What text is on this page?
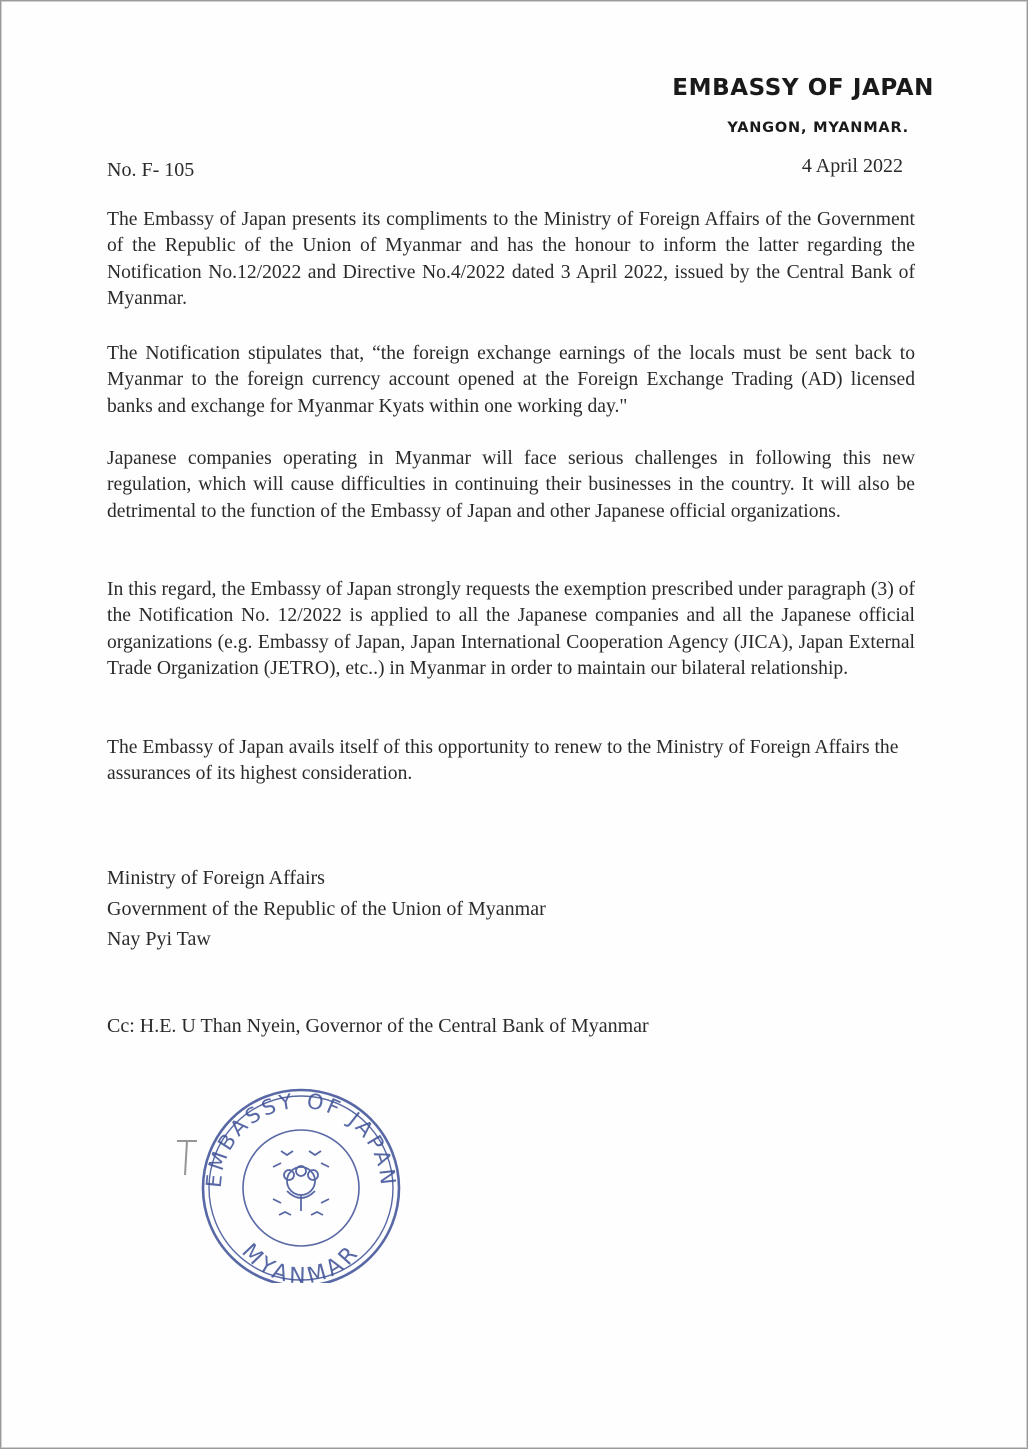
EMBASSY OF JAPAN
YANGON, MYANMAR.
No. F- 105	4 April 2022

The Embassy of Japan presents its compliments to the Ministry of Foreign Affairs of the Government of the Republic of the Union of Myanmar and has the honour to inform the latter regarding the Notification No.12/2022 and Directive No.4/2022 dated 3 April 2022, issued by the Central Bank of Myanmar.

The Notification stipulates that, “the foreign exchange earnings of the locals must be sent back to Myanmar to the foreign currency account opened at the Foreign Exchange Trading (AD) licensed banks and exchange for Myanmar Kyats within one working day."

Japanese companies operating in Myanmar will face serious challenges in following this new regulation, which will cause difficulties in continuing their businesses in the country. It will also be detrimental to the function of the Embassy of Japan and other Japanese official organizations.

In this regard, the Embassy of Japan strongly requests the exemption prescribed under paragraph (3) of the Notification No. 12/2022 is applied to all the Japanese companies and all the Japanese official organizations (e.g. Embassy of Japan, Japan International Cooperation Agency (JICA), Japan External Trade Organization (JETRO), etc..) in Myanmar in order to maintain our bilateral relationship.

The Embassy of Japan avails itself of this opportunity to renew to the Ministry of Foreign Affairs the assurances of its highest consideration.

Ministry of Foreign Affairs
Government of the Republic of the Union of Myanmar
Nay Pyi Taw
Cc: H.E. U Than Nyein, Governor of the Central Bank of Myanmar
EMBASSY OF JAPAN
MYANMAR
